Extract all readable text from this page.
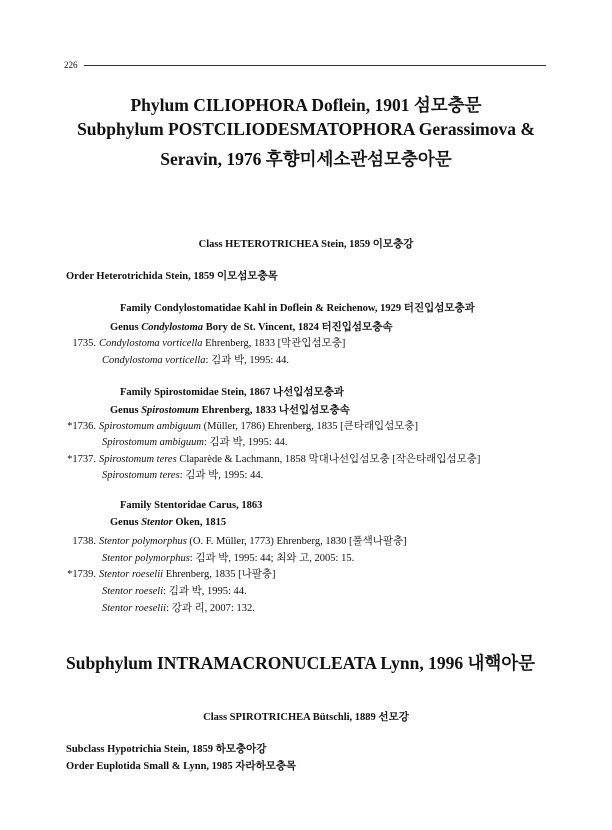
226
Phylum CILIOPHORA Doflein, 1901 섬모충문
Subphylum POSTCILIODESMATOPHORA Gerassimova &
Seravin, 1976 후향미세소관섬모충아문
Class HETEROTRICHEA Stein, 1859 이모충강
Order Heterotrichida Stein, 1859 이모섬모충목
Family Condylostomatidae Kahl in Doflein & Reichenow, 1929 터진입섬모충과
Genus Condylostoma Bory de St. Vincent, 1824 터진입섬모충속
1735. Condylostoma vorticella Ehrenberg, 1833 [막관입섬모충]
Condylostoma vorticella: 김과 박, 1995: 44.
Family Spirostomidae Stein, 1867 나선입섬모충과
Genus Spirostomum Ehrenberg, 1833 나선입섬모충속
*1736. Spirostomum ambiguum (Müller, 1786) Ehrenberg, 1835 [큰타래입섬모충]
Spirostomum ambiguum: 김과 박, 1995: 44.
*1737. Spirostomum teres Claparède & Lachmann, 1858 막대나선입섬모충 [작은타래입섬모충]
Spirostomum teres: 김과 박, 1995: 44.
Family Stentoridae Carus, 1863
Genus Stentor Oken, 1815
1738. Stentor polymorphus (O. F. Müller, 1773) Ehrenberg, 1830 [풀색나팔충]
Stentor polymorphus: 김과 박, 1995: 44; 최와 고, 2005: 15.
*1739. Stentor roeselii Ehrenberg, 1835 [나팔충]
Stentor roeseli: 김과 박, 1995: 44.
Stentor roeselii: 강과 리, 2007: 132.
Subphylum INTRAMACRONUCLEATA Lynn, 1996 내핵아문
Class SPIROTRICHEA Bütschli, 1889 선모강
Subclass Hypotrichia Stein, 1859 하모충아강
Order Euplotida Small & Lynn, 1985 자라하모충목
